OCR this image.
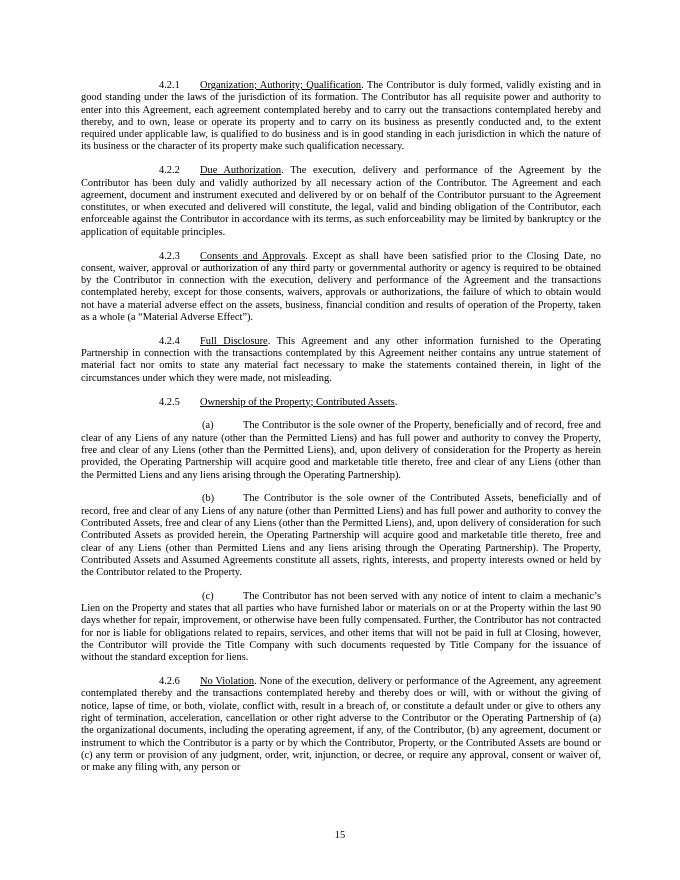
4.2.1 Organization; Authority; Qualification. The Contributor is duly formed, validly existing and in good standing under the laws of the jurisdiction of its formation. The Contributor has all requisite power and authority to enter into this Agreement, each agreement contemplated hereby and to carry out the transactions contemplated hereby and thereby, and to own, lease or operate its property and to carry on its business as presently conducted and, to the extent required under applicable law, is qualified to do business and is in good standing in each jurisdiction in which the nature of its business or the character of its property make such qualification necessary.

4.2.2 Due Authorization. The execution, delivery and performance of the Agreement by the Contributor has been duly and validly authorized by all necessary action of the Contributor. The Agreement and each agreement, document and instrument executed and delivered by or on behalf of the Contributor pursuant to the Agreement constitutes, or when executed and delivered will constitute, the legal, valid and binding obligation of the Contributor, each enforceable against the Contributor in accordance with its terms, as such enforceability may be limited by bankruptcy or the application of equitable principles.

4.2.3 Consents and Approvals. Except as shall have been satisfied prior to the Closing Date, no consent, waiver, approval or authorization of any third party or governmental authority or agency is required to be obtained by the Contributor in connection with the execution, delivery and performance of the Agreement and the transactions contemplated hereby, except for those consents, waivers, approvals or authorizations, the failure of which to obtain would not have a material adverse effect on the assets, business, financial condition and results of operation of the Property, taken as a whole (a “Material Adverse Effect”).

4.2.4 Full Disclosure. This Agreement and any other information furnished to the Operating Partnership in connection with the transactions contemplated by this Agreement neither contains any untrue statement of material fact nor omits to state any material fact necessary to make the statements contained therein, in light of the circumstances under which they were made, not misleading.

4.2.5 Ownership of the Property; Contributed Assets.

(a)	The Contributor is the sole owner of the Property, beneficially and of record, free and clear of any Liens of any nature (other than the Permitted Liens) and has full power and authority to convey the Property, free and clear of any Liens (other than the Permitted Liens), and, upon delivery of consideration for the Property as herein provided, the Operating Partnership will acquire good and marketable title thereto, free and clear of any Liens (other than the Permitted Liens and any liens arising through the Operating Partnership).

(b)	The Contributor is the sole owner of the Contributed Assets, beneficially and of record, free and clear of any Liens of any nature (other than Permitted Liens) and has full power and authority to convey the Contributed Assets, free and clear of any Liens (other than the Permitted Liens), and, upon delivery of consideration for such Contributed Assets as provided herein, the Operating Partnership will acquire good and marketable title thereto, free and clear of any Liens (other than Permitted Liens and any liens arising through the Operating Partnership). The Property, Contributed Assets and Assumed Agreements constitute all assets, rights, interests, and property interests owned or held by the Contributor related to the Property.

(c)	The Contributor has not been served with any notice of intent to claim a mechanic’s Lien on the Property and states that all parties who have furnished labor or materials on or at the Property within the last 90 days whether for repair, improvement, or otherwise have been fully compensated. Further, the Contributor has not contracted for nor is liable for obligations related to repairs, services, and other items that will not be paid in full at Closing, however, the Contributor will provide the Title Company with such documents requested by Title Company for the issuance of without the standard exception for liens.

4.2.6 No Violation. None of the execution, delivery or performance of the Agreement, any agreement contemplated thereby and the transactions contemplated hereby and thereby does or will, with or without the giving of notice, lapse of time, or both, violate, conflict with, result in a breach of, or constitute a default under or give to others any right of termination, acceleration, cancellation or other right adverse to the Contributor or the Operating Partnership of (a) the organizational documents, including the operating agreement, if any, of the Contributor, (b) any agreement, document or instrument to which the Contributor is a party or by which the Contributor, Property, or the Contributed Assets are bound or (c) any term or provision of any judgment, order, writ, injunction, or decree, or require any approval, consent or waiver of, or make any filing with, any person or

15
